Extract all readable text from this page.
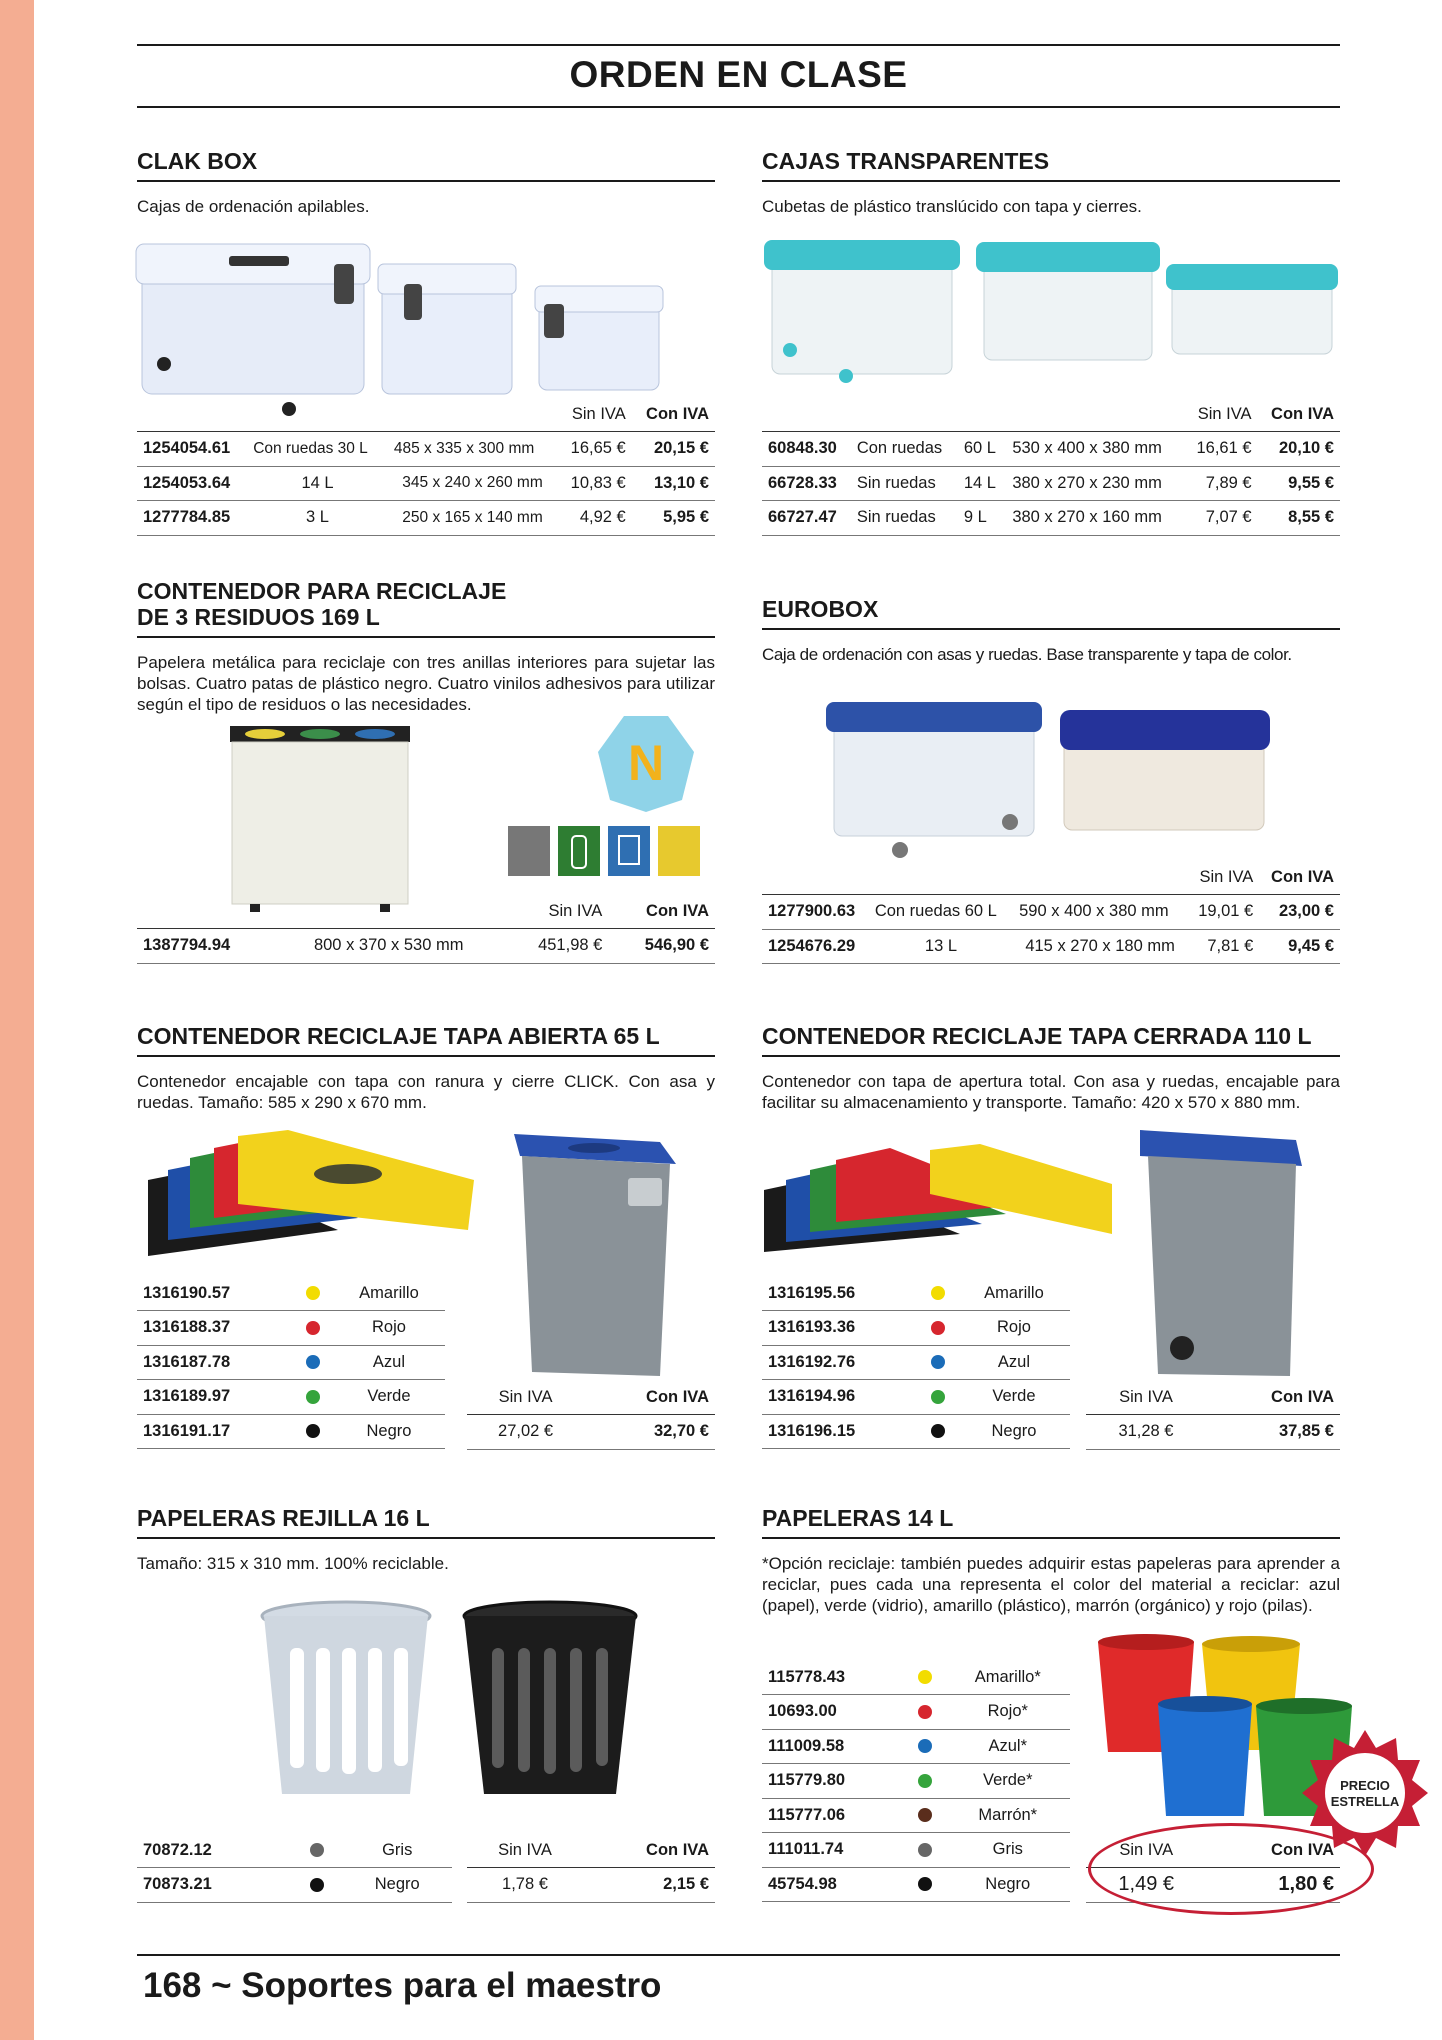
ORDEN EN CLASE
CLAK BOX
Cajas de ordenación apilables.
			Sin IVA	Con IVA
1254054.61	Con ruedas 30 L	485 x 335 x 300 mm	16,65 €	20,15 €
1254053.64	14 L	345 x 240 x 260 mm	10,83 €	13,10 €
1277784.85	3 L	250 x 165 x 140 mm	4,92 €	5,95 €
CAJAS TRANSPARENTES
Cubetas de plástico translúcido con tapa y cierres.
				Sin IVA	Con IVA
60848.30	Con ruedas	60 L	530 x 400 x 380 mm	16,61 €	20,10 €
66728.33	Sin ruedas	14 L	380 x 270 x 230 mm	7,89 €	9,55 €
66727.47	Sin ruedas	9 L	380 x 270 x 160 mm	7,07 €	8,55 €
CONTENEDOR PARA RECICLAJE
DE 3 RESIDUOS 169 L
Papelera metálica para reciclaje con tres anillas interiores para sujetar las bolsas. Cuatro patas de plástico negro. Cuatro vinilos adhesivos para utilizar según el tipo de residuos o las necesidades.
N
		Sin IVA	Con IVA
1387794.94	800 x 370 x 530 mm	451,98 €	546,90 €
EUROBOX
Caja de ordenación con asas y ruedas. Base transparente y tapa de color.
			Sin IVA	Con IVA
1277900.63	Con ruedas 60 L	590 x 400 x 380 mm	19,01 €	23,00 €
1254676.29	13 L	415 x 270 x 180 mm	7,81 €	9,45 €
CONTENEDOR RECICLAJE TAPA ABIERTA 65 L
Contenedor encajable con tapa con ranura y cierre CLICK. Con asa y ruedas. Tamaño: 585 x 290 x 670 mm.
1316190.57		Amarillo
1316188.37		Rojo
1316187.78		Azul
1316189.97		Verde
1316191.17		Negro
Sin IVA	Con IVA
27,02 €	32,70 €
CONTENEDOR RECICLAJE TAPA CERRADA 110 L
Contenedor con tapa de apertura total. Con asa y ruedas, encajable para facilitar su almacenamiento y transporte. Tamaño: 420 x 570 x 880 mm.
1316195.56		Amarillo
1316193.36		Rojo
1316192.76		Azul
1316194.96		Verde
1316196.15		Negro
Sin IVA	Con IVA
31,28 €	37,85 €
PAPELERAS REJILLA 16 L
Tamaño: 315 x 310 mm. 100% reciclable.
70872.12		Gris
70873.21		Negro
Sin IVA	Con IVA
1,78 €	2,15 €
PAPELERAS 14 L
*Opción reciclaje: también puedes adquirir estas papeleras para aprender a reciclar, pues cada una representa el color del material a reciclar: azul (papel), verde (vidrio), amarillo (plástico), marrón (orgánico) y rojo (pilas).
115778.43		Amarillo*
10693.00		Rojo*
111009.58		Azul*
115779.80		Verde*
115777.06		Marrón*
111011.74		Gris
45754.98		Negro
PRECIO
ESTRELLA
Sin IVA	Con IVA
1,49 €	1,80 €
168 ~ Soportes para el maestro
